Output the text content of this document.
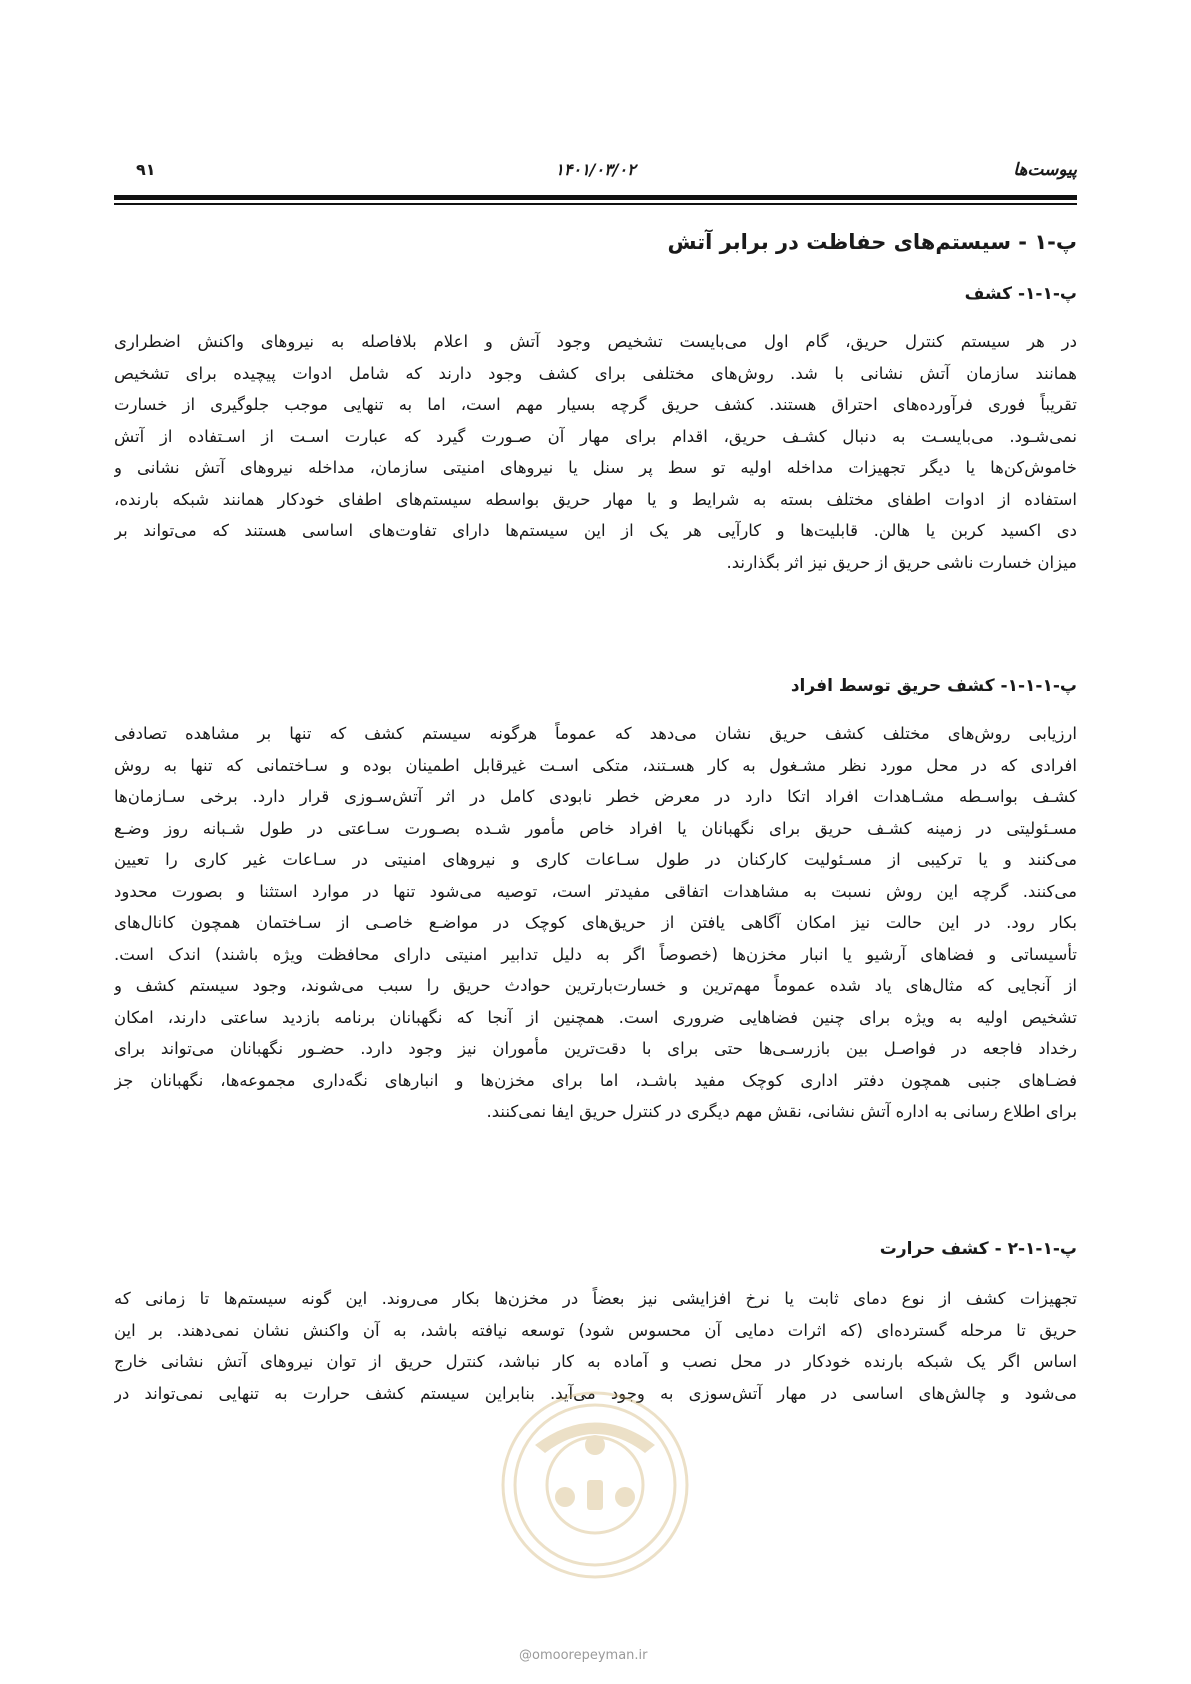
۹۱	۱۴۰۱/۰۳/۰۲	پیوست‌ها
پ-۱ - سیستم‌های حفاظت در برابر آتش
پ-۱-۱- کشف
در هر سیستم کنترل حریق، گام اول می‌بایست تشخیص وجود آتش و اعلام بلافاصله به نیروهای واکنش اضطراری
همانند سازمان آتش نشانی با شد. روش‌های مختلفی برای کشف وجود دارند که شامل ادوات پیچیده برای تشخیص
تقریباً فوری فرآورده‌های احتراق هستند. کشف حریق گرچه بسیار مهم است، اما به تنهایی موجب جلوگیری از خسارت
نمی‌شـود. می‌بایسـت به دنبال کشـف حریق، اقدام برای مهار آن صـورت گیرد که عبارت اسـت از اسـتفاده از آتش
خاموش‌کن‌ها یا دیگر تجهیزات مداخله اولیه تو سط پر سنل یا نیروهای امنیتی سازمان، مداخله نیروهای آتش نشانی و
استفاده از ادوات اطفای مختلف بسته به شرایط و یا مهار حریق بواسطه سیستم‌های اطفای خودکار همانند شبکه بارنده،
دی اکسید کربن یا هالن. قابلیت‌ها و کارآیی هر یک از این سیستم‌ها دارای تفاوت‌های اساسی هستند که می‌تواند بر
میزان خسارت ناشی حریق از حریق نیز اثر بگذارند.
پ-۱-۱-۱- کشف حریق توسط افراد
ارزیابی روش‌های مختلف کشف حریق نشان می‌دهد که عموماً هرگونه سیستم کشف که تنها بر مشاهده تصادفی
افرادی که در محل مورد نظر مشـغول به کار هسـتند، متکی اسـت غیرقابل اطمینان بوده و سـاختمانی که تنها به روش
کشـف بواسـطه مشـاهدات افراد اتکا دارد در معرض خطر نابودی کامل در اثر آتش‌سـوزی قرار دارد. برخی سـازمان‌ها
مسـئولیتی در زمینه کشـف حریق برای نگهبانان یا افراد خاص مأمور شـده بصـورت سـاعتی در طول شـبانه روز وضـع
می‌کنند و یا ترکیبی از مسـئولیت کارکنان در طول سـاعات کاری و نیروهای امنیتی در سـاعات غیر کاری را تعیین
می‌کنند. گرچه این روش نسبت به مشاهدات اتفاقی مفیدتر است، توصیه می‌شود تنها در موارد استثنا و بصورت محدود
بکار رود. در این حالت نیز امکان آگاهی یافتن از حریق‌های کوچک در مواضـع خاصـی از سـاختمان همچون کانال‌های
تأسیساتی و فضاهای آرشیو یا انبار مخزن‌ها (خصوصاً اگر به دلیل تدابیر امنیتی دارای محافظت ویژه باشند) اندک است.
از آنجایی که مثال‌های یاد شده عموماً مهم‌ترین و خسارت‌بارترین حوادث حریق را سبب می‌شوند، وجود سیستم کشف و
تشخیص اولیه به ویژه برای چنین فضاهایی ضروری است. همچنین از آنجا که نگهبانان برنامه بازدید ساعتی دارند، امکان
رخداد فاجعه در فواصـل بین بازرسـی‌ها حتی برای با دقت‌ترین مأموران نیز وجود دارد. حضـور نگهبانان می‌تواند برای
فضـاهای جنبی همچون دفتر اداری کوچک مفید باشـد، اما برای مخزن‌ها و انبارهای نگه‌داری مجموعه‌ها، نگهبانان جز
برای اطلاع رسانی به اداره آتش نشانی، نقش مهم دیگری در کنترل حریق ایفا نمی‌کنند.
پ-۱-۱-۲ - کشف حرارت
تجهیزات کشف از نوع دمای ثابت یا نرخ افزایشی نیز بعضاً در مخزن‌ها بکار می‌روند. این گونه سیستم‌ها تا زمانی که
حریق تا مرحله گسترده‌ای (که اثرات دمایی آن محسوس شود) توسعه نیافته باشد، به آن واکنش نشان نمی‌دهند. بر این
اساس اگر یک شبکه بارنده خودکار در محل نصب و آماده به کار نباشد، کنترل حریق از توان نیروهای آتش نشانی خارج
می‌شود و چالش‌های اساسی در مهار آتش‌سوزی به وجود می‌آید. بنابراین سیستم کشف حرارت به تنهایی نمی‌تواند در
@omoorepeyman.ir
